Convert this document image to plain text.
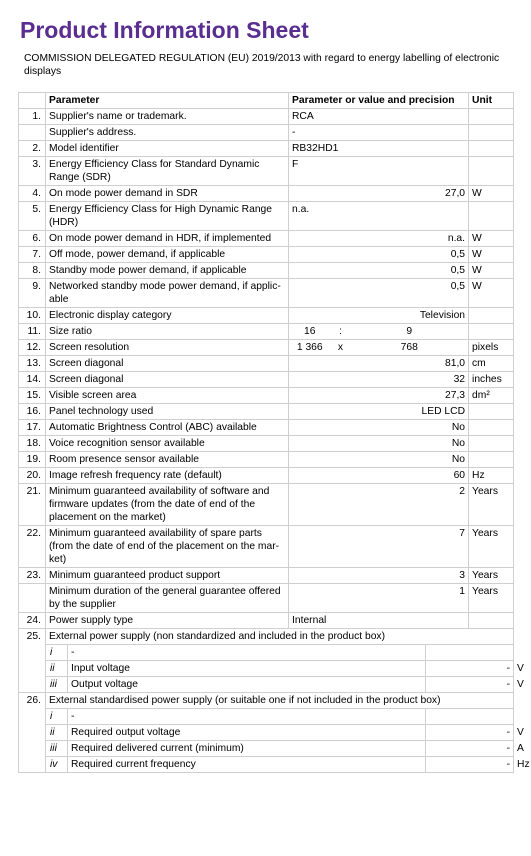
Product Information Sheet
COMMISSION DELEGATED REGULATION (EU) 2019/2013 with regard to energy labelling of electronic displays
	Parameter		Parameter or value and precision				Unit	
1.	Supplier's name or trademark.		RCA					
	Supplier's address.		-					
2.	Model identifier		RB32HD1					
3.	Energy Efficiency Class for Standard Dynamic Range (SDR)		F					
4.	On mode power demand in SDR		27,0				W	
5.	Energy Efficiency Class for High Dynamic Range (HDR)		n.a.					
6.	On mode power demand in HDR, if implemented		n.a.				W	
7.	Off mode, power demand, if applicable		0,5				W	
8.	Standby mode power demand, if applicable		0,5				W	
9.	Networked standby mode power demand, if applic-able		0,5				W	
10.	Electronic display category		Television					
11.	Size ratio		16	:	9			
12.	Screen resolution		1 366	x	768		pixels	
13.	Screen diagonal		81,0				cm	
14.	Screen diagonal		32				inches	
15.	Visible screen area		27,3				dm²	
16.	Panel technology used		LED LCD					
17.	Automatic Brightness Control (ABC) available		No					
18.	Voice recognition sensor available		No					
19.	Room presence sensor available		No					
20.	Image refresh frequency rate (default)		60				Hz	
21.	Minimum guaranteed availability of software and firmware updates (from the date of end of the placement on the market)		2				Years	
22.	Minimum guaranteed availability of spare parts (from the date of end of the placement on the mar-ket)		7				Years	
23.	Minimum guaranteed product support		3				Years	
	Minimum duration of the general guarantee offered by the supplier		1				Years	
24.	Power supply type		Internal					
25.	External power supply (non standardized and included in the product box)							
	i	-						
	ii	Input voltage				-		V
	iii	Output voltage				-		V
26.	External standardised power supply (or suitable one if not included in the product box)							
	i	-						
	ii	Required output voltage				-		V
	iii	Required delivered current (minimum)				-		A
	iv	Required current frequency				-		Hz
